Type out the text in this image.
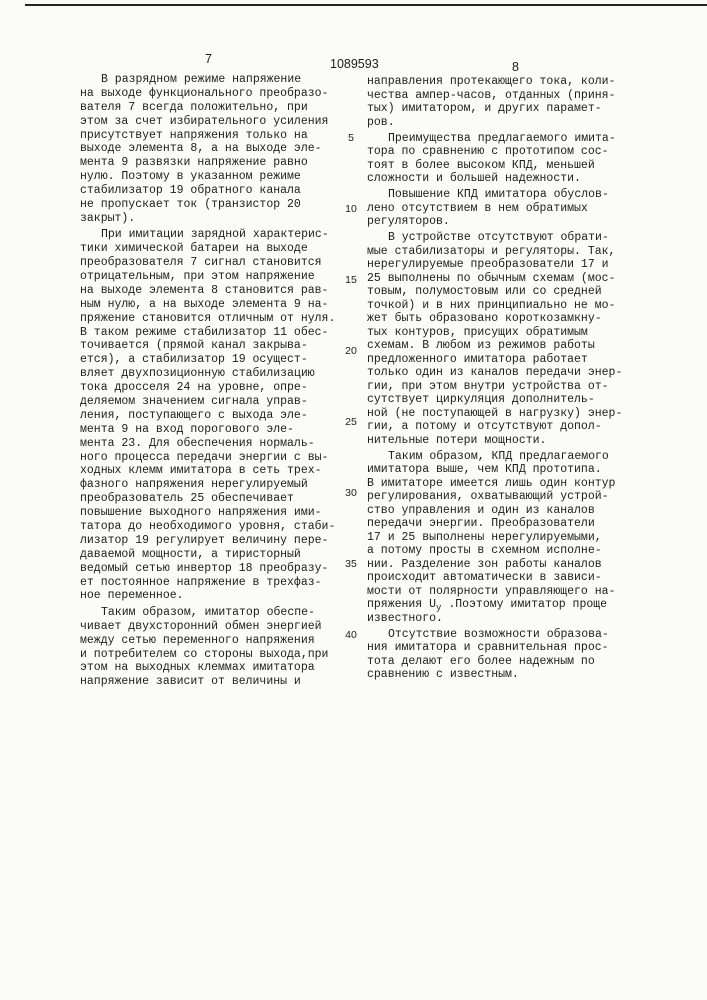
7	1089593	8
В разрядном режиме напряжение
на выходе функционального преобразо-
вателя 7 всегда положительно, при
этом за счет избирательного усиления
присутствует напряжения только на
выходе элемента 8, а на выходе эле-
мента 9 развязки напряжение равно
нулю. Поэтому в указанном режиме
стабилизатор 19 обратного канала
не пропускает ток (транзистор 20
закрыт).
При имитации зарядной характерис-
тики химической батареи на выходе
преобразователя 7 сигнал становится
отрицательным, при этом напряжение
на выходе элемента 8 становится рав-
ным нулю, а на выходе элемента 9 на-
пряжение становится отличным от нуля.
В таком режиме стабилизатор 11 обес-
точивается (прямой канал закрыва-
ется), а стабилизатор 19 осущест-
вляет двухпозиционную стабилизацию
тока дросселя 24 на уровне, опре-
деляемом значением сигнала управ-
ления, поступающего с выхода эле-
мента 9 на вход порогового эле-
мента 23. Для обеспечения нормаль-
ного процесса передачи энергии с вы-
ходных клемм имитатора в сеть трех-
фазного напряжения нерегулируемый
преобразователь 25 обеспечивает
повышение выходного напряжения ими-
татора до необходимого уровня, стаби-
лизатор 19 регулирует величину пере-
даваемой мощности, а тиристорный
ведомый сетью инвертор 18 преобразу-
ет постоянное напряжение в трехфаз-
ное переменное.
Таким образом, имитатор обеспе-
чивает двухсторонний обмен энергией
между сетью переменного напряжения
и потребителем со стороны выхода,при
этом на выходных клеммах имитатора
напряжение зависит от величины и
направления протекающего тока, коли-
чества ампер-часов, отданных (приня-
тых) имитатором, и других парамет-
ров.
Преимущества предлагаемого имита-
тора по сравнению с прототипом сос-
тоят в более высоком КПД, меньшей
сложности и большей надежности.
Повышение КПД имитатора обуслов-
лено отсутствием в нем обратимых
регуляторов.
В устройстве отсутствуют обрати-
мые стабилизаторы и регуляторы. Так,
нерегулируемые преобразователи 17 и
25 выполнены по обычным схемам (мос-
товым, полумостовым или со средней
точкой) и в них принципиально не мо-
жет быть образовано короткозамкну-
тых контуров, присущих обратимым
схемам. В любом из режимов работы
предложенного имитатора работает
только один из каналов передачи энер-
гии, при этом внутри устройства от-
сутствует циркуляция дополнитель-
ной (не поступающей в нагрузку) энер-
гии, а потому и отсутствуют допол-
нительные потери мощности.
Таким образом, КПД предлагаемого
имитатора выше, чем КПД прототипа.
В имитаторе имеется лишь один контур
регулирования, охватывающий устрой-
ство управления и один из каналов
передачи энергии. Преобразователи
17 и 25 выполнены нерегулируемыми,
а потому просты в схемном исполне-
нии. Разделение зон работы каналов
происходит автоматически в зависи-
мости от полярности управляющего на-
пряжения Uy .Поэтому имитатор проще
известного.
Отсутствие возможности образова-
ния имитатора и сравнительная прос-
тота делают его более надежным по
сравнению с известным.
5
10
15
20
25
30
35
40
